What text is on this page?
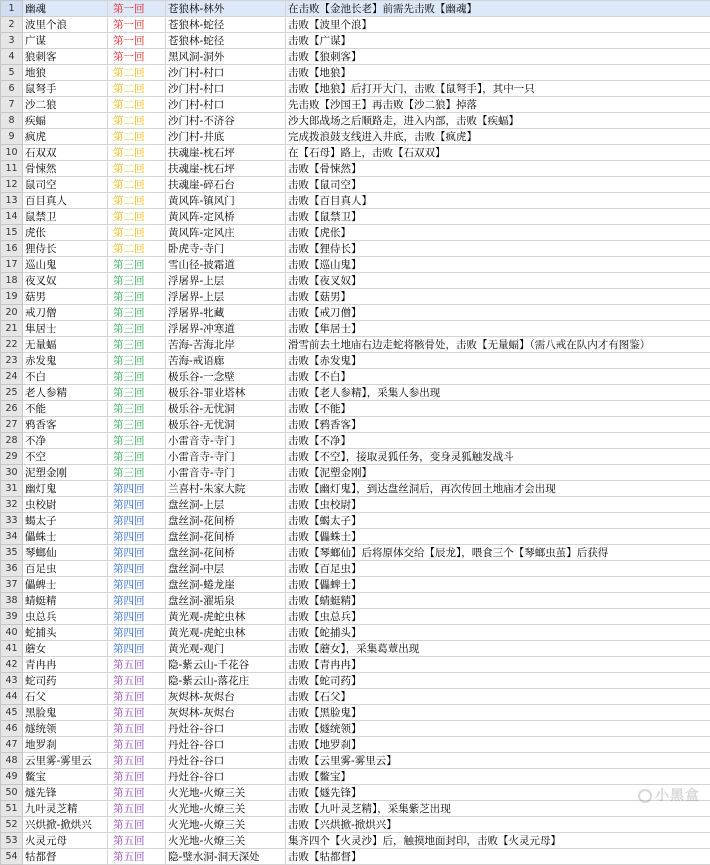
1	幽魂	第一回	苍狼林-林外	在击败【金池长老】前需先击败【幽魂】
2	波里个浪	第一回	苍狼林-蛇径	击败【波里个浪】
3	广谋	第一回	苍狼林-蛇径	击败【广谋】
4	狼刺客	第一回	黑风洞-洞外	击败【狼刺客】
5	地狼	第二回	沙门村-村口	击败【地狼】
6	鼠弩手	第二回	沙门村-村口	击败【地狼】后打开大门，击败【鼠弩手】，其中一只
7	沙二狼	第二回	沙门村-村口	先击败【沙国王】再击败【沙二狼】掉落
8	疾蝠	第二回	沙门村-不济谷	沙大郎战场之后顺路走，进入内部，击败【疾蝠】
9	疯虎	第二回	沙门村-井底	完成拨浪鼓支线进入井底，击败【疯虎】
10	石双双	第二回	扶魂崖-枕石坪	在【石母】路上，击败【石双双】
11	骨悚然	第二回	扶魂崖-枕石坪	击败【骨悚然】
12	鼠司空	第二回	扶魂崖-碎石台	击败【鼠司空】
13	百目真人	第二回	黄风阵-镇风门	击败【百目真人】
14	鼠禁卫	第二回	黄风阵-定风桥	击败【鼠禁卫】
15	虎伥	第二回	黄风阵-定风庄	击败【虎伥】
16	狸侍长	第二回	卧虎寺-寺门	击败【狸侍长】
17	巡山鬼	第三回	雪山径-披霜道	击败【巡山鬼】
18	夜叉奴	第三回	浮屠界-上层	击败【夜叉奴】
19	菇男	第三回	浮屠界-上层	击败【菇男】
20	戒刀僧	第三回	浮屠界-牝藏	击败【戒刀僧】
21	隼居士	第三回	浮屠界-冲寒道	击败【隼居士】
22	无量蝠	第三回	苦海-苦海北岸	滑雪前去土地庙右边走蛇将骸骨处，击败【无量蝠】（需八戒在队内才有图鉴）
23	赤发鬼	第三回	苦海-戒语廊	击败【赤发鬼】
24	不白	第三回	极乐谷-一念壁	击败【不白】
25	老人参精	第三回	极乐谷-罪业塔林	击败【老人参精】，采集人参出现
26	不能	第三回	极乐谷-无忧洞	击败【不能】
27	鸦香客	第三回	极乐谷-无忧洞	击败【鸦香客】
28	不净	第三回	小雷音寺-寺门	击败【不净】
29	不空	第三回	小雷音寺-寺门	击败【不空】，接取灵狐任务，变身灵狐触发战斗
30	泥塑金刚	第三回	小雷音寺-寺门	击败【泥塑金刚】
31	幽灯鬼	第四回	兰喜村-朱家大院	击败【幽灯鬼】，到达盘丝洞后，再次传回土地庙才会出现
32	虫校尉	第四回	盘丝洞-上层	击败【虫校尉】
33	蝎太子	第四回	盘丝洞-花间桥	击败【蝎太子】
34	儡蛛士	第四回	盘丝洞-花间桥	击败【儡蛛士】
35	琴螂仙	第四回	盘丝洞-花间桥	击败【琴螂仙】后将原体交给【辰龙】，喂食三个【琴螂虫茧】后获得
36	百足虫	第四回	盘丝洞-中层	击败【百足虫】
37	儡蜱士	第四回	盘丝洞-蜷龙崖	击败【儡蜱士】
38	蜻蜓精	第四回	盘丝洞-濯垢泉	击败【蜻蜓精】
39	虫总兵	第四回	黄光观-虎蛇虫林	击败【虫总兵】
40	蛇捕头	第四回	黄光观-虎蛇虫林	击败【蛇捕头】
41	蘑女	第四回	黄光观-观门	击败【蘑女】，采集葛蕈出现
42	青冉冉	第五回	隐-紫云山-千花谷	击败【青冉冉】
43	蛇司药	第五回	隐-紫云山-落花庄	击败【蛇司药】
44	石父	第五回	灰烬林-灰烬台	击败【石父】
45	黑脸鬼	第五回	灰烬林-灰烬台	击败【黑脸鬼】
46	燧统领	第五回	丹灶谷-谷口	击败【燧统领】
47	地罗刹	第五回	丹灶谷-谷口	击败【地罗刹】
48	云里雾-雾里云	第五回	丹灶谷-谷口	击败【云里雾-雾里云】
49	鳖宝	第五回	丹灶谷-谷口	击败【鳖宝】
50	燧先锋	第五回	火光地-火燎三关	击败【燧先锋】
51	九叶灵芝精	第五回	火光地-火燎三关	击败【九叶灵芝精】，采集紫芝出现
52	兴烘掀-掀烘兴	第五回	火光地-火燎三关	击败【兴烘掀-掀烘兴】
53	火灵元母	第五回	火光地-火燎三关	集齐四个【火灵沙】后，触摸地面封印，击败【火灵元母】
54	牯都督	第五回	隐-璧水洞-洞天深处	击败【牯都督】
小黑盒
